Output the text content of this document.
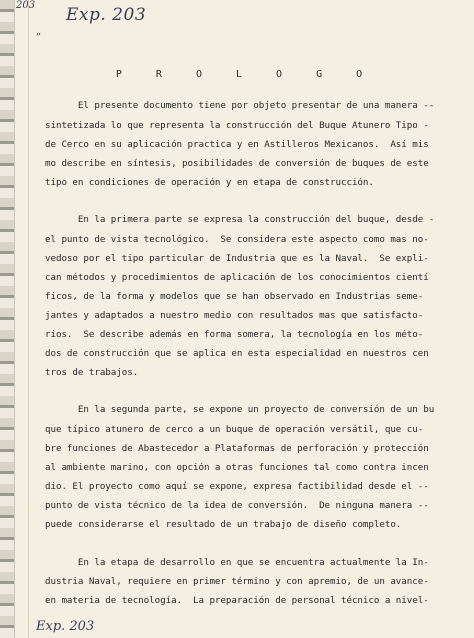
203 Exp. 203
„
P R O L O G O
El presente documento tiene por objeto presentar de una manera --
sintetizada lo que representa la construcción del Buque Atunero Tipo -
de Cerco en su aplicación practica y en Astilleros Mexicanos.  Así mis
mo describe en síntesis, posibilidades de conversión de buques de este
tipo en condiciones de operación y en etapa de construcción.
En la primera parte se expresa la construcción del buque, desde -
el punto de vista tecnológico.  Se considera este aspecto como mas no-
vedoso por el tipo particular de Industria que es la Naval.  Se expli-
can métodos y procedimientos de aplicación de los conocimientos cientí
ficos, de la forma y modelos que se han observado en Industrias seme-
jantes y adaptados a nuestro medio con resultados mas que satisfacto-
rios.  Se describe además en forma somera, la tecnología en los méto-
dos de construcción que se aplica en esta especialidad en nuestros cen
tros de trabajos.
En la segunda parte, se expone un proyecto de conversión de un bu
que típico atunero de cerco a un buque de operación versátil, que cu-
bre funciones de Abastecedor a Plataformas de perforación y protección
al ambiente marino, con opción a otras funciones tal como contra incen
dio. El proyecto como aquí se expone, expresa factibilidad desde el --
punto de vista técnico de la idea de conversión.  De ninguna manera --
puede considerarse el resultado de un trabajo de diseño completo.
En la etapa de desarrollo en que se encuentra actualmente la In-
dustria Naval, requiere en primer término y con apremio, de un avance-
en materia de tecnología.  La preparación de personal técnico a nivel-
Exp. 203
